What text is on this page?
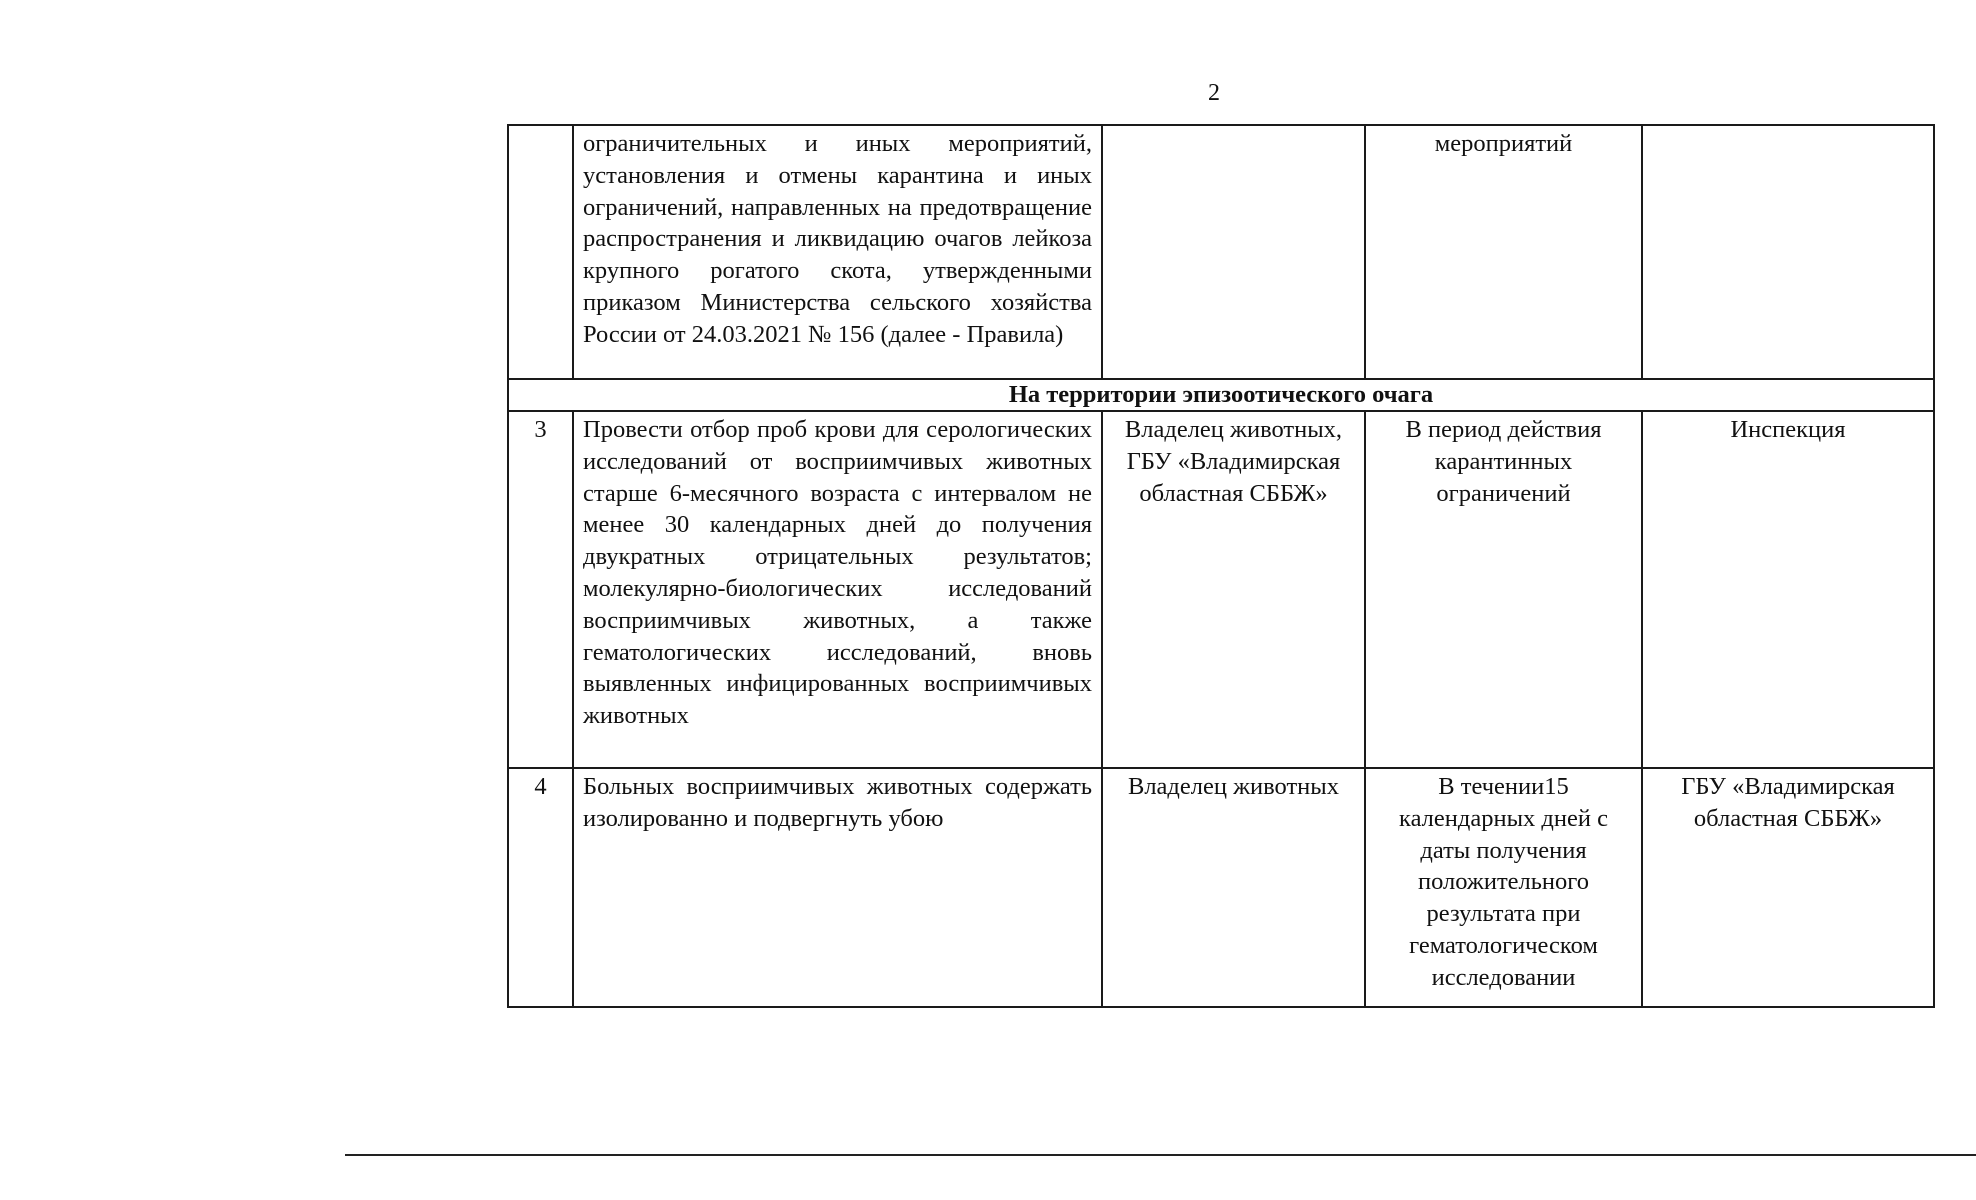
2
	ограничительных и иных мероприятий, установления и отмены карантина и иных ограничений, направленных на предотвращение распространения и ликвидацию очагов лейкоза крупного рогатого скота, утвержденными приказом Министерства сельского хозяйства России от 24.03.2021 № 156 (далее - Правила)		мероприятий	
На территории эпизоотического очага				
3	Провести отбор проб крови для серологических исследований от восприимчивых животных старше 6-месячного возраста с интервалом не менее 30 календарных дней до получения двукратных отрицательных результатов; молекулярно-биологических исследований восприимчивых животных, а также гематологических исследований, вновь выявленных инфицированных восприимчивых животных	Владелец животных, ГБУ «Владимирская областная СББЖ»	В период действия карантинных ограничений	Инспекция
4	Больных восприимчивых животных содержать изолированно и подвергнуть убою	Владелец животных	В течении15 календарных дней с даты получения положительного результата при гематологическом исследовании	ГБУ «Владимирская областная СББЖ»
